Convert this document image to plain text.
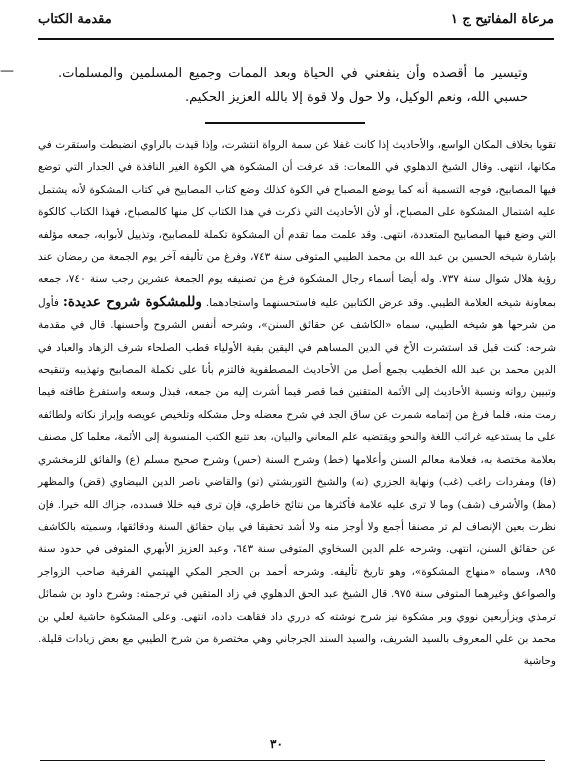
مرعاة المفاتيح ج ١
مقدمة الكتاب
—	وتيسير ما أقصده وأن ينفعني في الحياة وبعد الممات وجميع المسلمين والمسلمات. حسبي الله، ونعم الوكيل، ولا حول ولا قوة إلا بالله العزيز الحكيم.

تقويا بخلاف المكان الواسع، والأحاديث إذا كانت غفلا عن سمة الرواة انتشرت، وإذا قيدت بالراوي انضبطت واستقرت في مكانها، انتهى. وقال الشيخ الدهلوي في اللمعات: قد عرفت أن المشكوة هي الكوة الغير النافذة في الجدار التي توضع فيها المصابيح، فوجه التسمية أنه كما يوضع المصباح في الكوة كذلك وضع كتاب المصابيح في كتاب المشكوة لأنه يشتمل عليه اشتمال المشكوة على المصباح، أو لأن الأحاديث التي ذكرت في هذا الكتاب كل منها كالمصباح، فهذا الكتاب كالكوة التي وضع فيها المصابيح المتعددة، انتهى. وقد علمت مما تقدم أن المشكوة تكملة للمصابيح، وتذييل لأبوابه، جمعه مؤلفه بإشارة شيخه الحسين بن عبد الله بن محمد الطيبي المتوفى سنة ٧٤٣، وفرغ من تأليفه آخر يوم الجمعة من رمضان عند رؤية هلال شوال سنة ٧٣٧. وله أيضا أسماء رجال المشكوة فرغ من تصنيفه يوم الجمعة عشرين رجب سنة ٧٤٠، جمعه بمعاونة شيخه العلامة الطيبي. وقد عرض الكتابين عليه فاستحسنهما واستجادهما. وللمشكوة شروح عديدة: فأول من شرحها هو شيخه الطيبي، سماه «الكاشف عن حقائق السنن»، وشرحه أنفس الشروح وأحسنها. قال في مقدمة شرحه: كنت قبل قد استشرت الأخ في الدين المساهم في اليقين بقية الأولياء قطب الصلحاء شرف الزهاد والعباد في الدين محمد بن عبد الله الخطيب بجمع أصل من الأحاديث المصطفوية فالتزم بأنا على تكملة المصابيح وتهذيبه وتنقيحه وتبيين رواته ونسبة الأحاديث إلى الأئمة المتقنين فما قصر فيما أشرت إليه من جمعه، فبذل وسعه واستفرغ طاقته فيما رمت منه، فلما فرغ من إتمامه شمرت عن ساق الجد في شرح معضله وحل مشكله وتلخيص عويصه وإبراز نكاته ولطائفه على ما يستدعيه غرائب اللغة والنحو ويقتضيه علم المعاني والبيان، بعد تتبع الكتب المنسوبة إلى الأئمة، معلما كل مصنف بعلامة مختصة به، فعلامة معالم السنن وأعلامها (خط) وشرح السنة (حس) وشرح صحيح مسلم (ع) والفائق للزمخشري (فا) ومفردات راغب (غب) ونهاية الجزري (نه) والشيخ التوربشتي (تو) والقاضي ناصر الدين البيضاوي (قض) والمظهر (مظ) والأشرف (شف) وما لا ترى عليه علامة فأكثرها من نتائج خاطري، فإن ترى فيه خللا فسدده، جزاك الله خيرا. فإن نظرت بعين الإنصاف لم تر مصنفا أجمع ولا أوجز منه ولا أشد تحقيقا في بيان حقائق السنة ودقائقها، وسميته بالكاشف عن حقائق السنن، انتهى. وشرحه علم الدين السخاوي المتوفى سنة ٦٤٣، وعبد العزيز الأبهري المتوفى في حدود سنة ٨٩٥، وسماه «منهاج المشكوة»، وهو تاريخ تأليفه. وشرحه أحمد بن الحجر المكي الهيتمي الفرقية صاحب الزواجر والصواعق وغيرهما المتوفى سنة ٩٧٥. قال الشيخ عبد الحق الدهلوي في زاد المتقين في ترجمته: وشرح داود بن شمائل ترمذي ويزأربعين نووي وبر مشكوة نيز شرح نوشته كه درري داد فقاهت داده، انتهى. وعلى المشكوة حاشية لعلي بن محمد بن علي المعروف بالسيد الشريف، والسيد السند الجرجاني وهي مختصرة من شرح الطيبي مع بعض زيادات قليلة. وحاشية

٣٠
